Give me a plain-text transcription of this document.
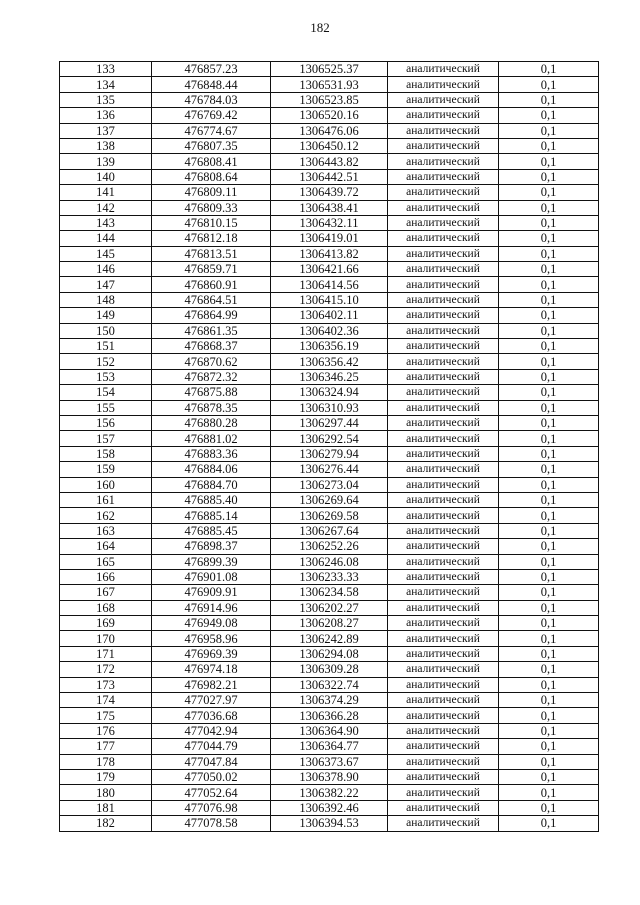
182
133	476857.23	1306525.37	аналитический	0,1
134	476848.44	1306531.93	аналитический	0,1
135	476784.03	1306523.85	аналитический	0,1
136	476769.42	1306520.16	аналитический	0,1
137	476774.67	1306476.06	аналитический	0,1
138	476807.35	1306450.12	аналитический	0,1
139	476808.41	1306443.82	аналитический	0,1
140	476808.64	1306442.51	аналитический	0,1
141	476809.11	1306439.72	аналитический	0,1
142	476809.33	1306438.41	аналитический	0,1
143	476810.15	1306432.11	аналитический	0,1
144	476812.18	1306419.01	аналитический	0,1
145	476813.51	1306413.82	аналитический	0,1
146	476859.71	1306421.66	аналитический	0,1
147	476860.91	1306414.56	аналитический	0,1
148	476864.51	1306415.10	аналитический	0,1
149	476864.99	1306402.11	аналитический	0,1
150	476861.35	1306402.36	аналитический	0,1
151	476868.37	1306356.19	аналитический	0,1
152	476870.62	1306356.42	аналитический	0,1
153	476872.32	1306346.25	аналитический	0,1
154	476875.88	1306324.94	аналитический	0,1
155	476878.35	1306310.93	аналитический	0,1
156	476880.28	1306297.44	аналитический	0,1
157	476881.02	1306292.54	аналитический	0,1
158	476883.36	1306279.94	аналитический	0,1
159	476884.06	1306276.44	аналитический	0,1
160	476884.70	1306273.04	аналитический	0,1
161	476885.40	1306269.64	аналитический	0,1
162	476885.14	1306269.58	аналитический	0,1
163	476885.45	1306267.64	аналитический	0,1
164	476898.37	1306252.26	аналитический	0,1
165	476899.39	1306246.08	аналитический	0,1
166	476901.08	1306233.33	аналитический	0,1
167	476909.91	1306234.58	аналитический	0,1
168	476914.96	1306202.27	аналитический	0,1
169	476949.08	1306208.27	аналитический	0,1
170	476958.96	1306242.89	аналитический	0,1
171	476969.39	1306294.08	аналитический	0,1
172	476974.18	1306309.28	аналитический	0,1
173	476982.21	1306322.74	аналитический	0,1
174	477027.97	1306374.29	аналитический	0,1
175	477036.68	1306366.28	аналитический	0,1
176	477042.94	1306364.90	аналитический	0,1
177	477044.79	1306364.77	аналитический	0,1
178	477047.84	1306373.67	аналитический	0,1
179	477050.02	1306378.90	аналитический	0,1
180	477052.64	1306382.22	аналитический	0,1
181	477076.98	1306392.46	аналитический	0,1
182	477078.58	1306394.53	аналитический	0,1
